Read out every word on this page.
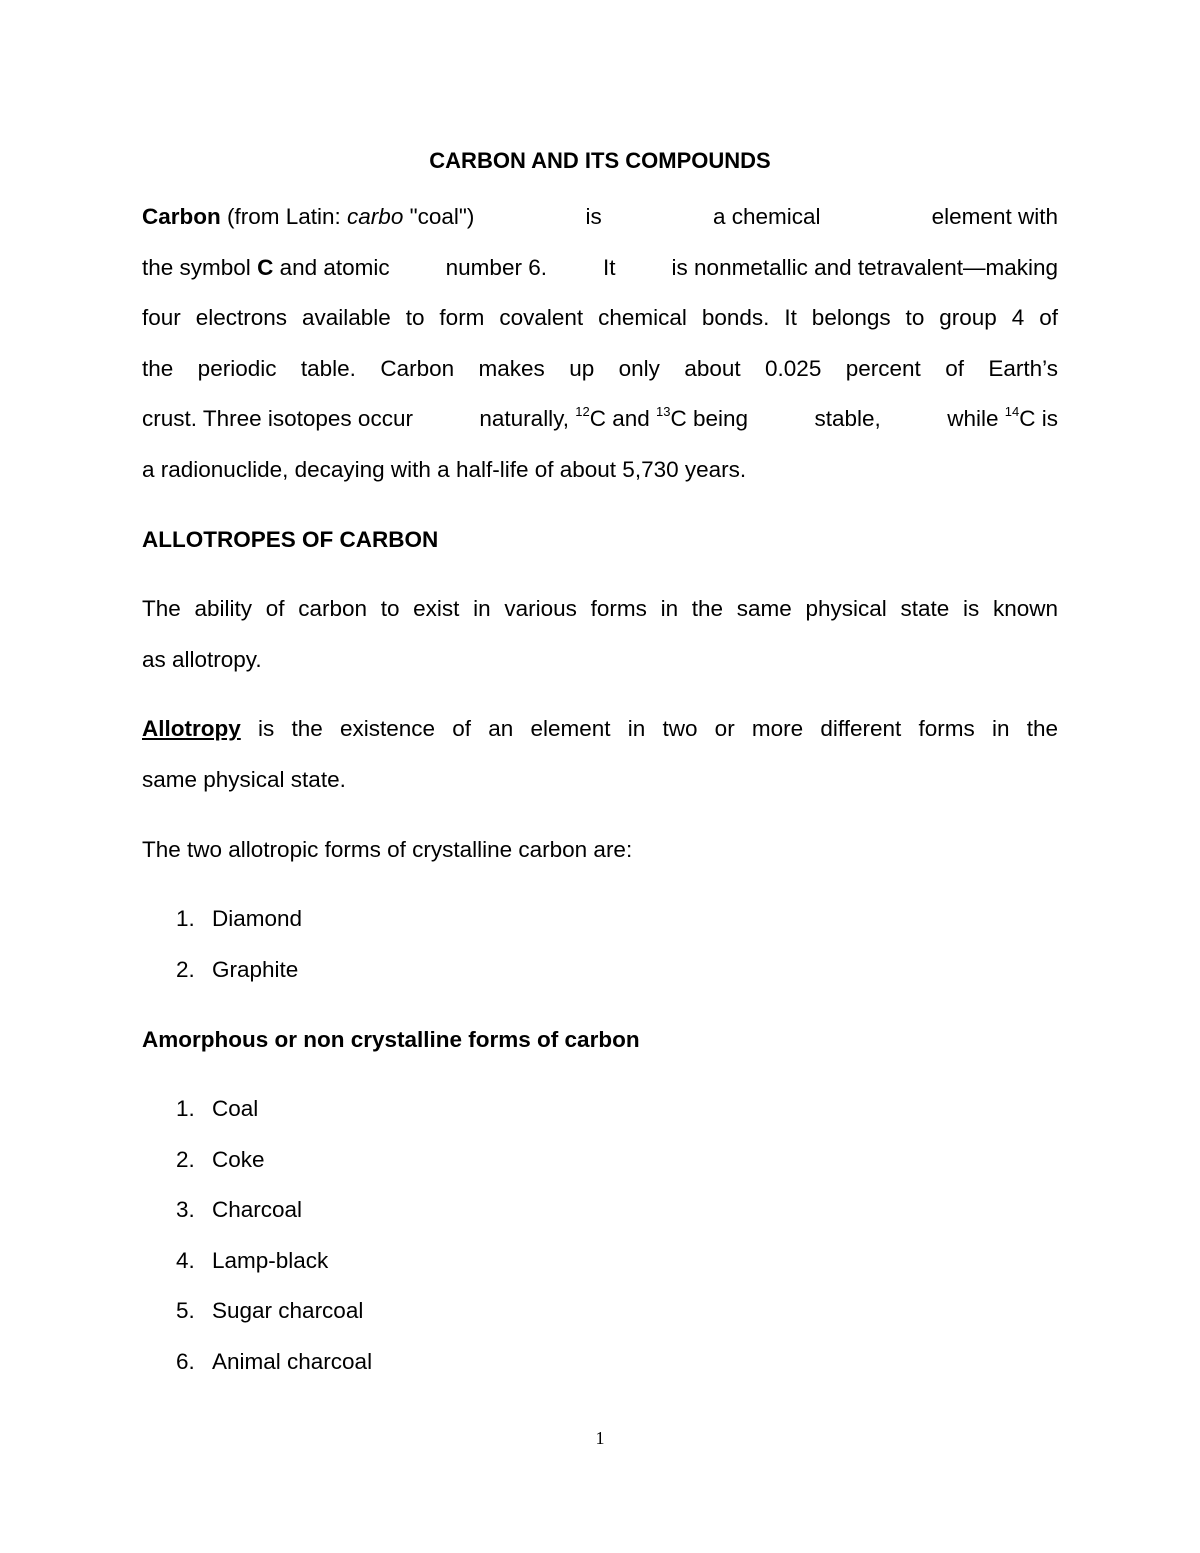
CARBON AND ITS COMPOUNDS
Carbon (from Latin: carbo "coal")	is	a chemical	element with
the symbol C and atomic number 6. It is nonmetallic and tetravalent—making
four electrons available to form covalent chemical bonds. It belongs to group 4 of
the periodic table. Carbon makes up only about 0.025 percent of Earth’s
crust. Three isotopes occur	naturally, $^{12}$C and $^{13}$C being	stable,	while $^{14}$C is
a radionuclide, decaying with a half-life of about 5,730 years.
ALLOTROPES OF CARBON
The ability of carbon to exist in various forms in the same physical state is known
as allotropy.
Allotropy is the existence of an element in two or more different forms in the
same physical state.
The two allotropic forms of crystalline carbon are:
1. Diamond
2. Graphite
Amorphous or non crystalline forms of carbon
1. Coal
2. Coke
3. Charcoal
4. Lamp-black
5. Sugar charcoal
6. Animal charcoal
1
